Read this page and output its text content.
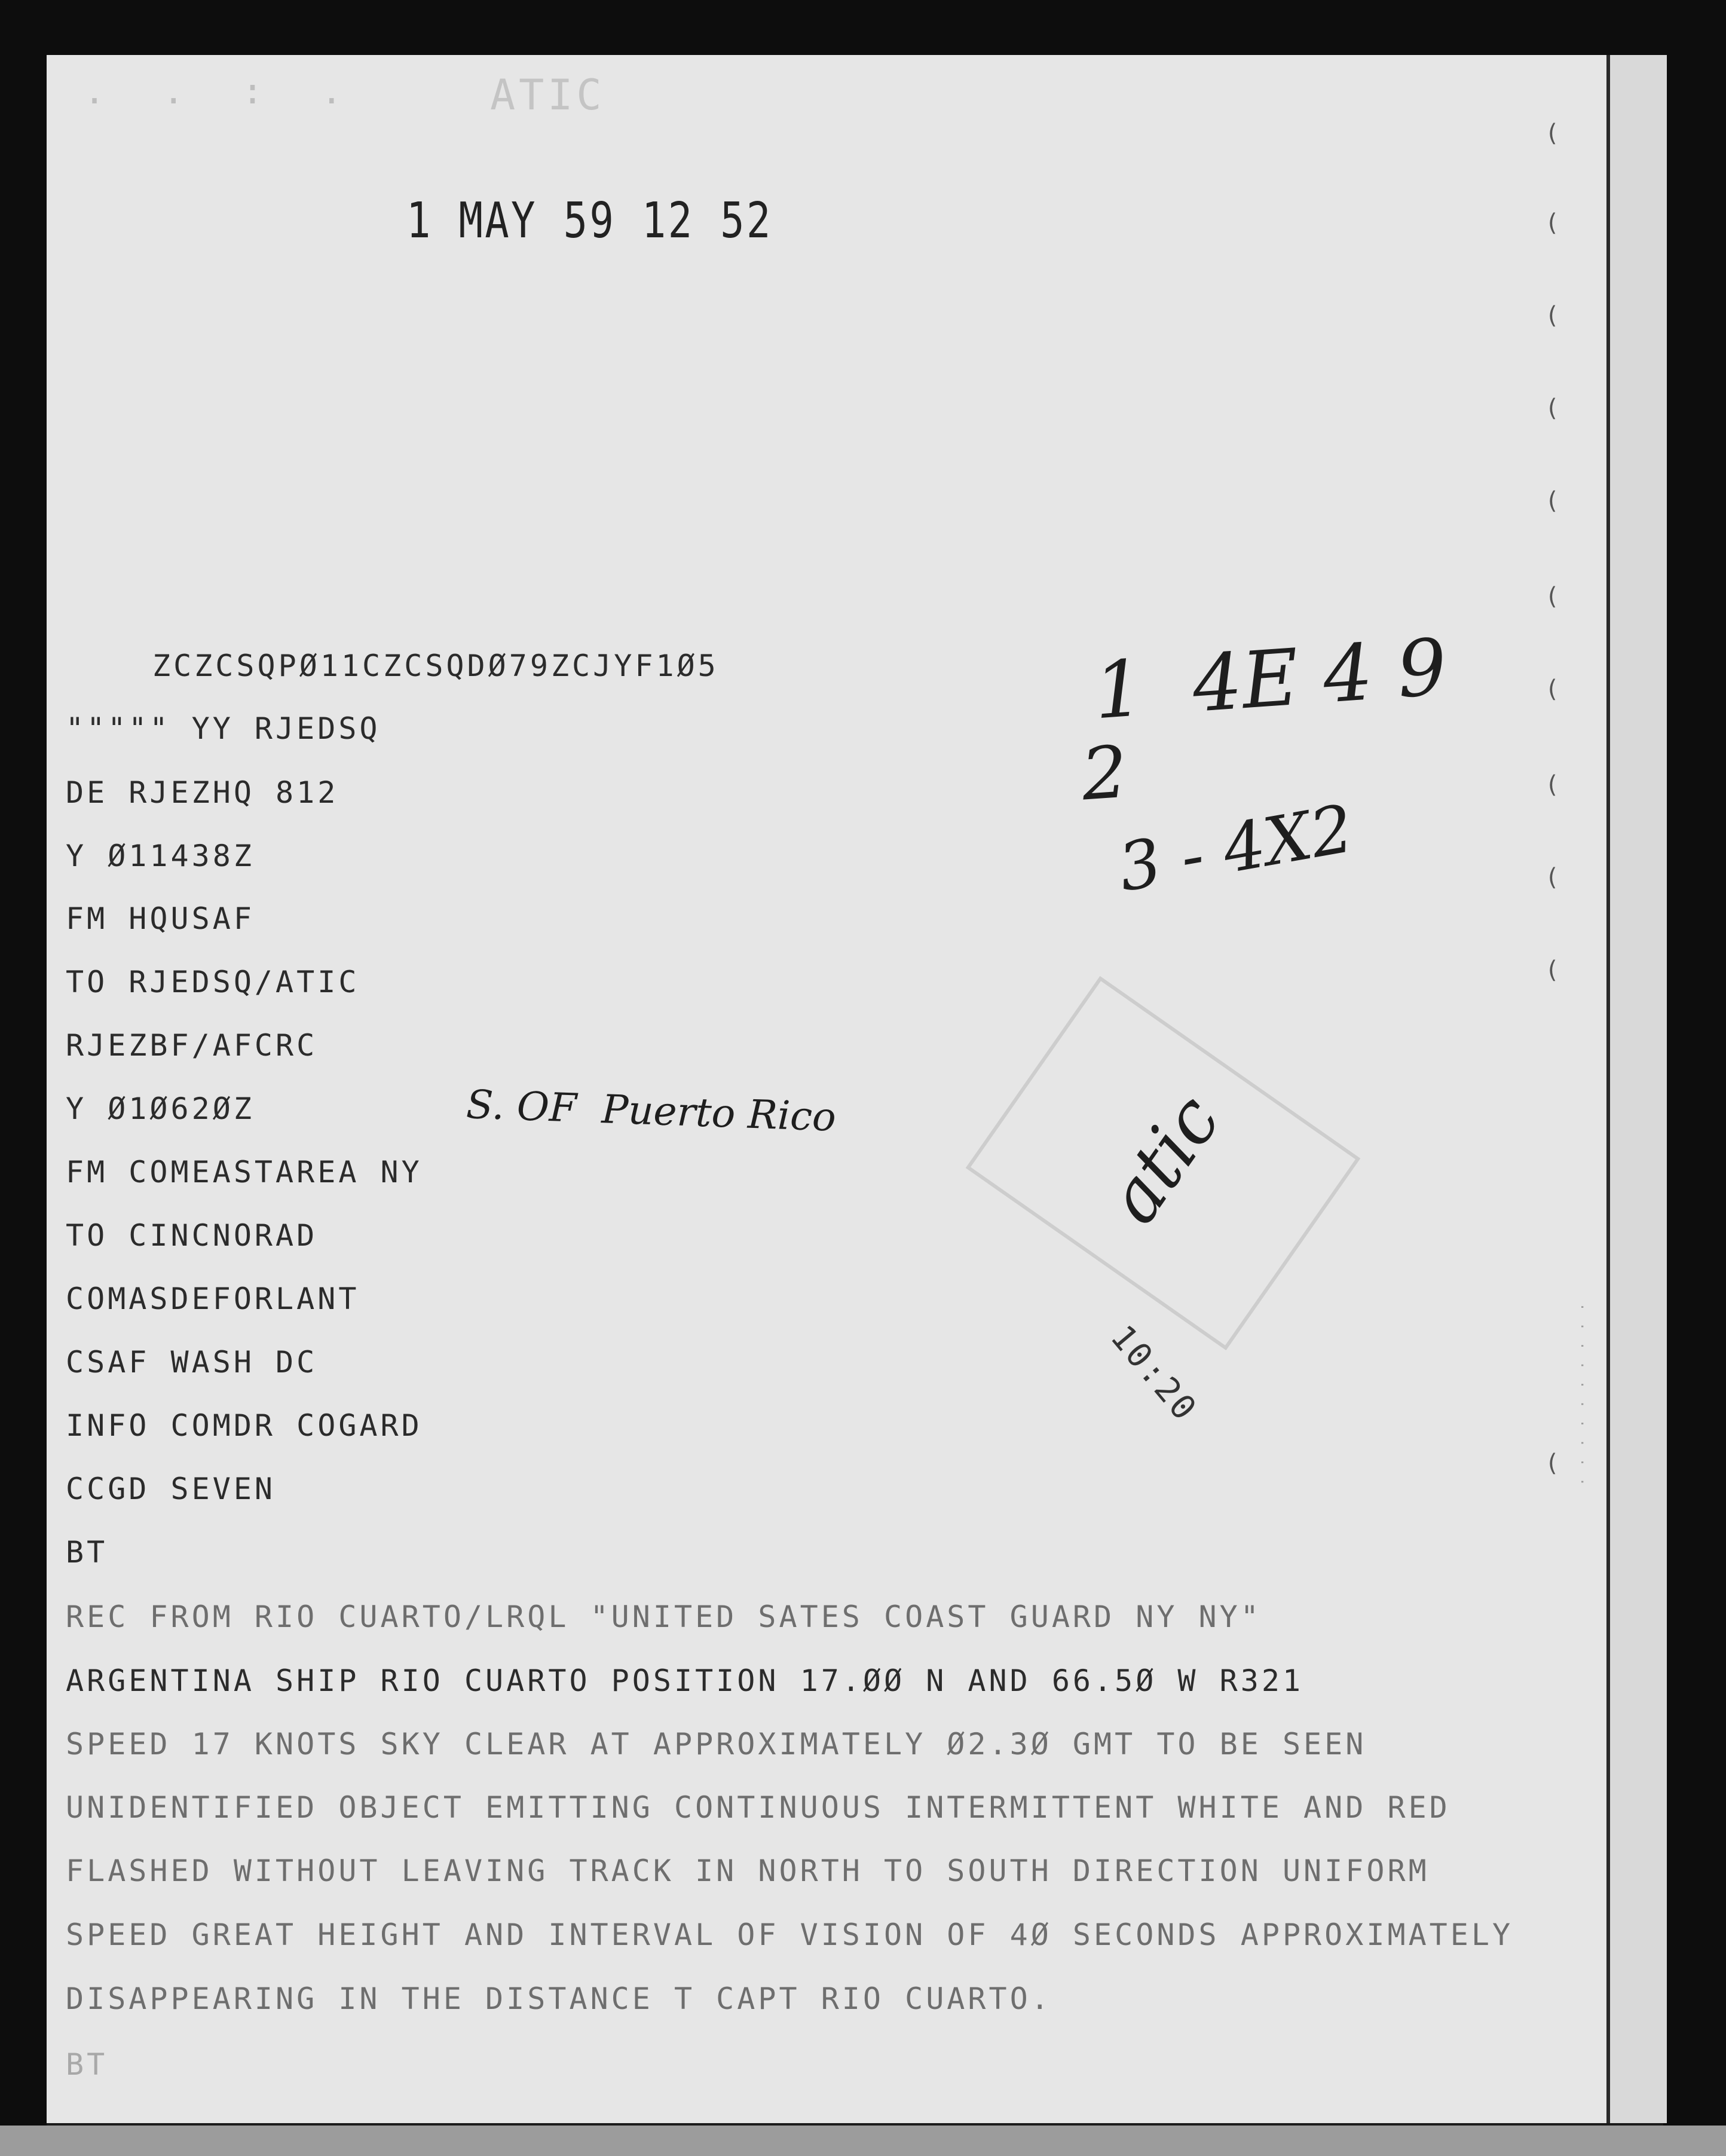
. . : .	ATIC
1 MAY 59 12 52
(
(
(
(
(
(
(
(
(
(
( . . . . . . . . . .
ZCZCSQPØ11CZCSQDØ79ZCJYF1Ø5
""""" YY RJEDSQ
DE RJEZHQ 812
Y Ø11438Z
FM HQUSAF
TO RJEDSQ/ATIC
RJEZBF/AFCRC
Y Ø1Ø62ØZ
FM COMEASTAREA NY
TO CINCNORAD
COMASDEFORLANT
CSAF WASH DC
INFO COMDR COGARD
CCGD SEVEN
BT
REC FROM RIO CUARTO/LRQL "UNITED SATES COAST GUARD NY NY"
ARGENTINA SHIP RIO CUARTO POSITION 17.ØØ N AND 66.5Ø W R321
SPEED 17 KNOTS SKY CLEAR AT APPROXIMATELY Ø2.3Ø GMT TO BE SEEN
UNIDENTIFIED OBJECT EMITTING CONTINUOUS INTERMITTENT WHITE AND RED
FLASHED WITHOUT LEAVING TRACK IN NORTH TO SOUTH DIRECTION UNIFORM
SPEED GREAT HEIGHT AND INTERVAL OF VISION OF 4Ø SECONDS APPROXIMATELY
DISAPPEARING IN THE DISTANCE T CAPT RIO CUARTO.
BT
1  4E 4 9
2
3 - 4X2
S. OF  Puerto Rico	atic
10:20
